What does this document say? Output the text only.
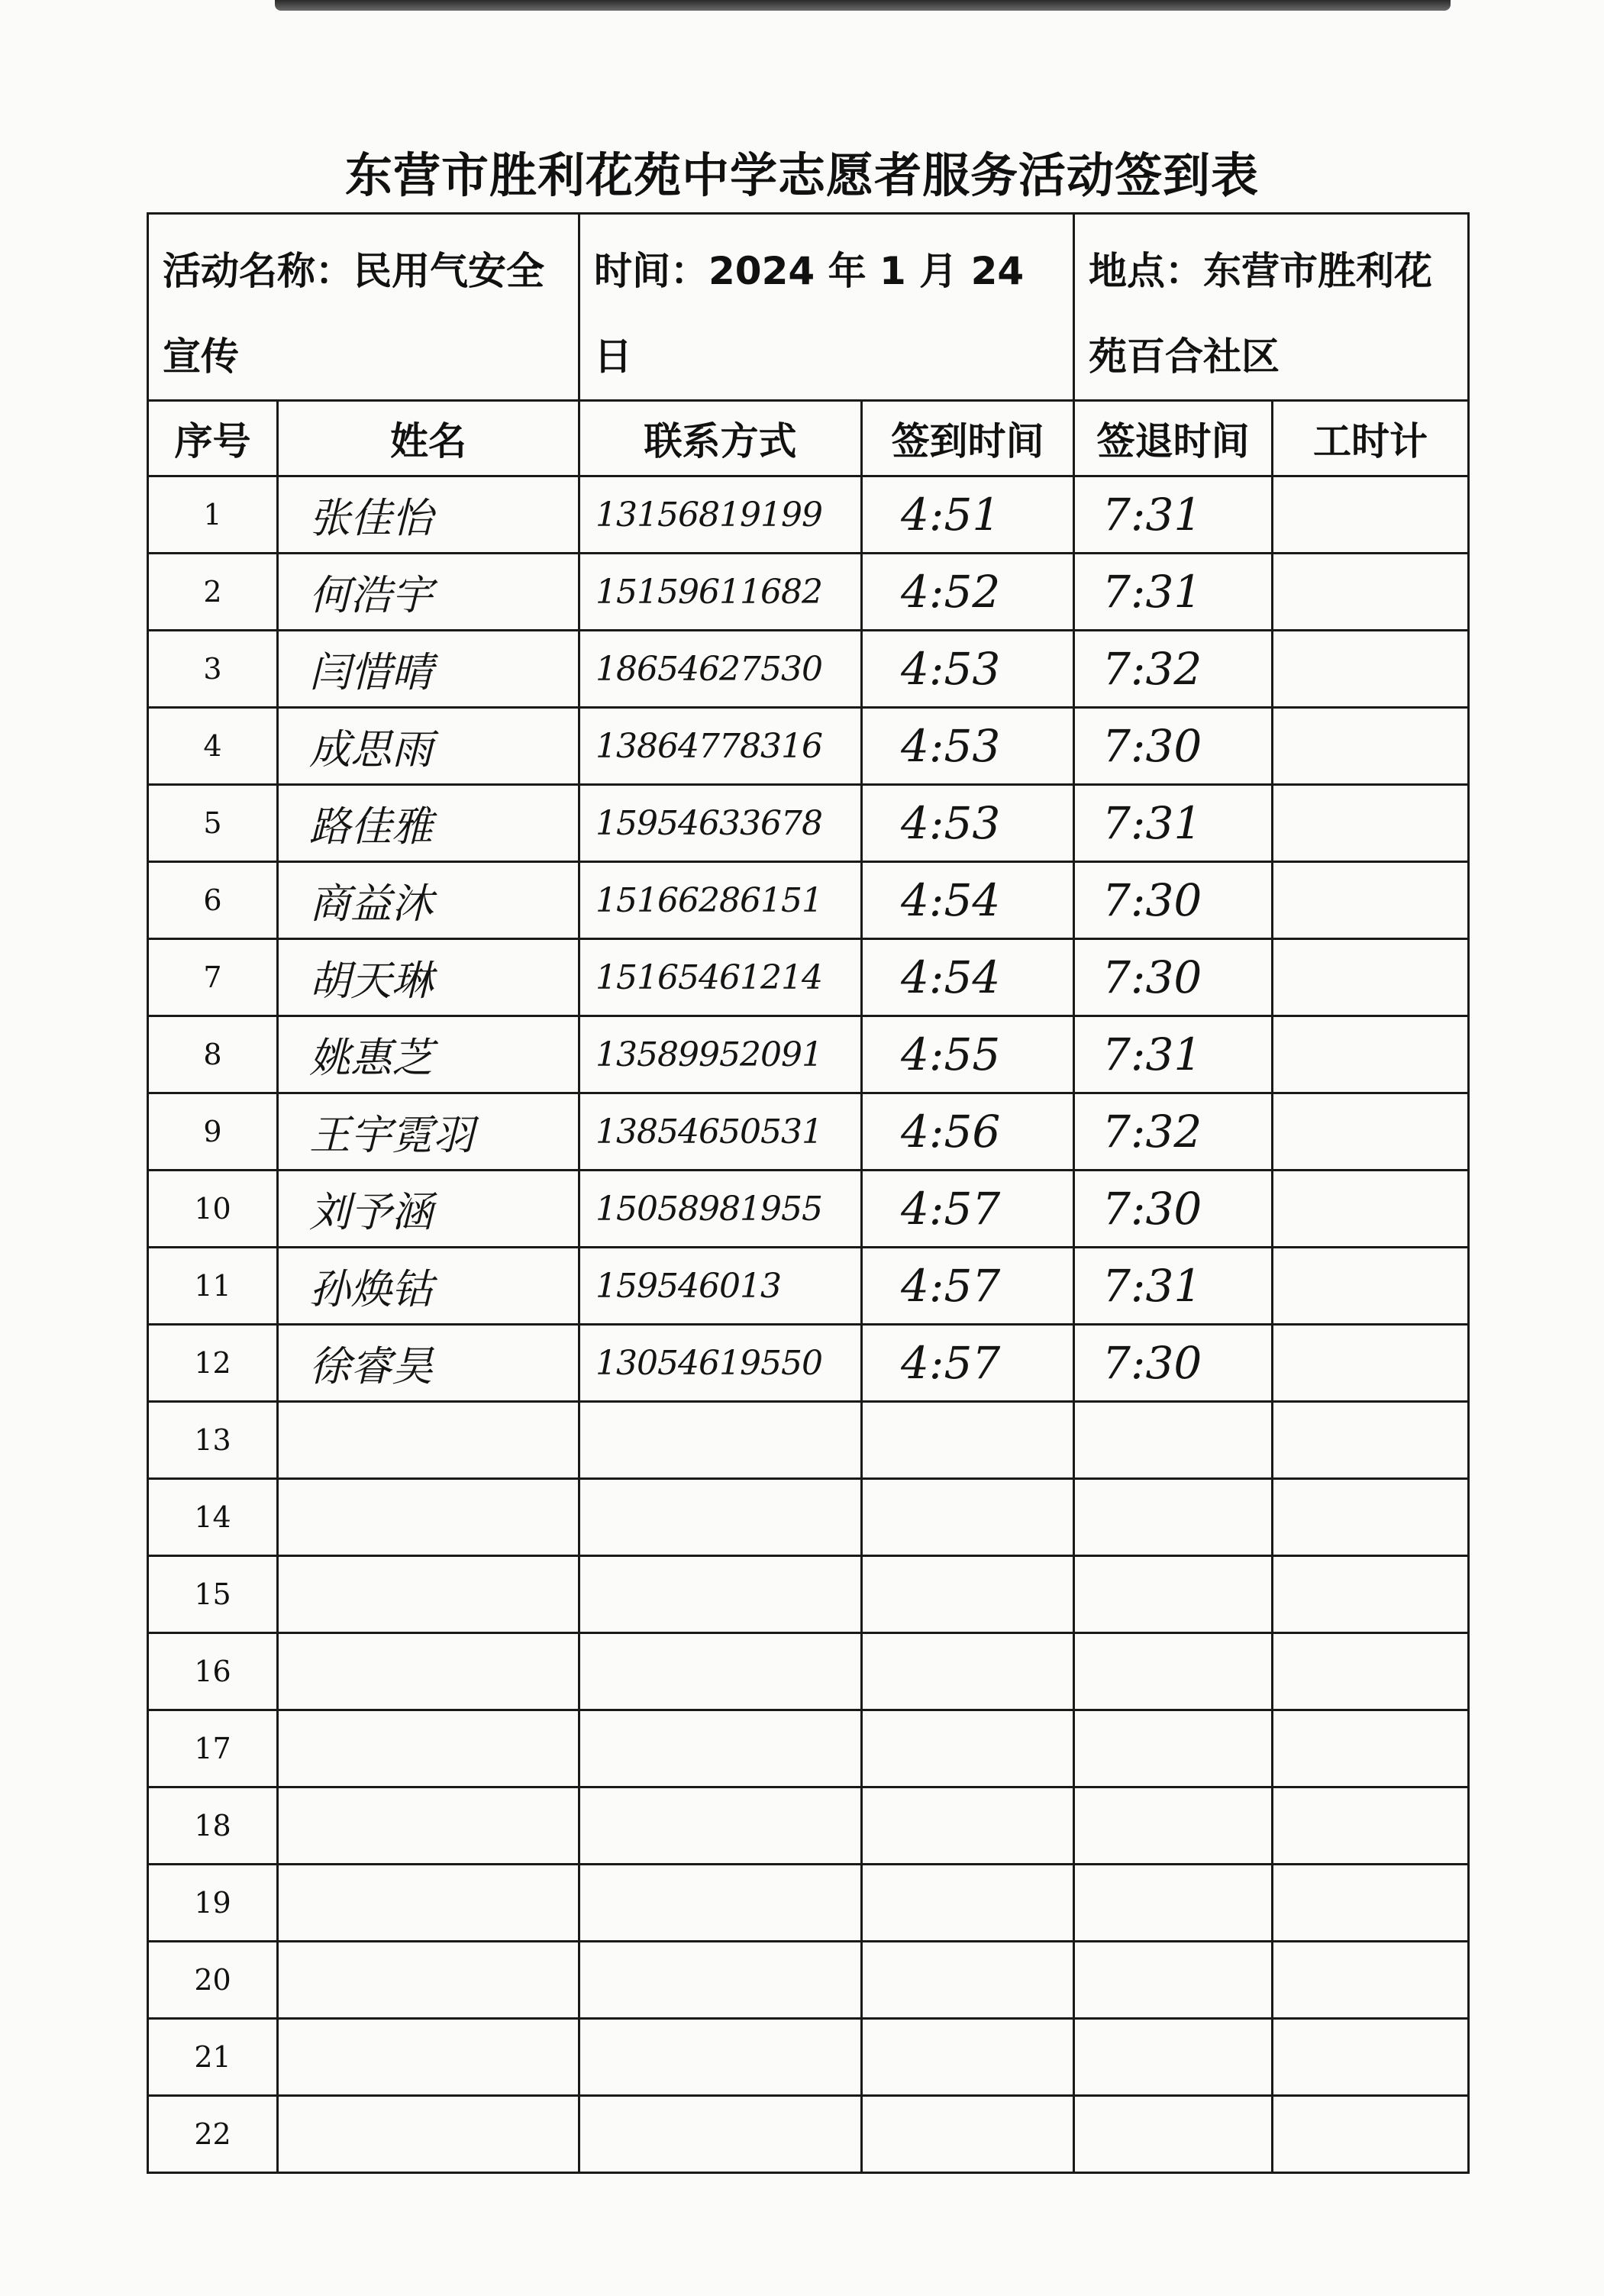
东营市胜利花苑中学志愿者服务活动签到表
活动名称：民用气安全宣传		时间：2024 年 1 月 24 日		地点：东营市胜利花苑百合社区	

序号	姓名	联系方式	签到时间	签退时间	工时计
1	张佳怡	13156819199	4:51	7:31	
2	何浩宇	15159611682	4:52	7:31	
3	闫惜晴	18654627530	4:53	7:32	
4	成思雨	13864778316	4:53	7:30	
5	路佳雅	15954633678	4:53	7:31	
6	商益沐	15166286151	4:54	7:30	
7	胡天琳	15165461214	4:54	7:30	
8	姚惠芝	13589952091	4:55	7:31	
9	王宇霓羽	13854650531	4:56	7:32	
10	刘予涵	15058981955	4:57	7:30	
11	孙焕钴	159546013	4:57	7:31	
12	徐睿昊	13054619550	4:57	7:30	
13					
14					
15					
16					
17					
18					
19					
20					
21					
22					
